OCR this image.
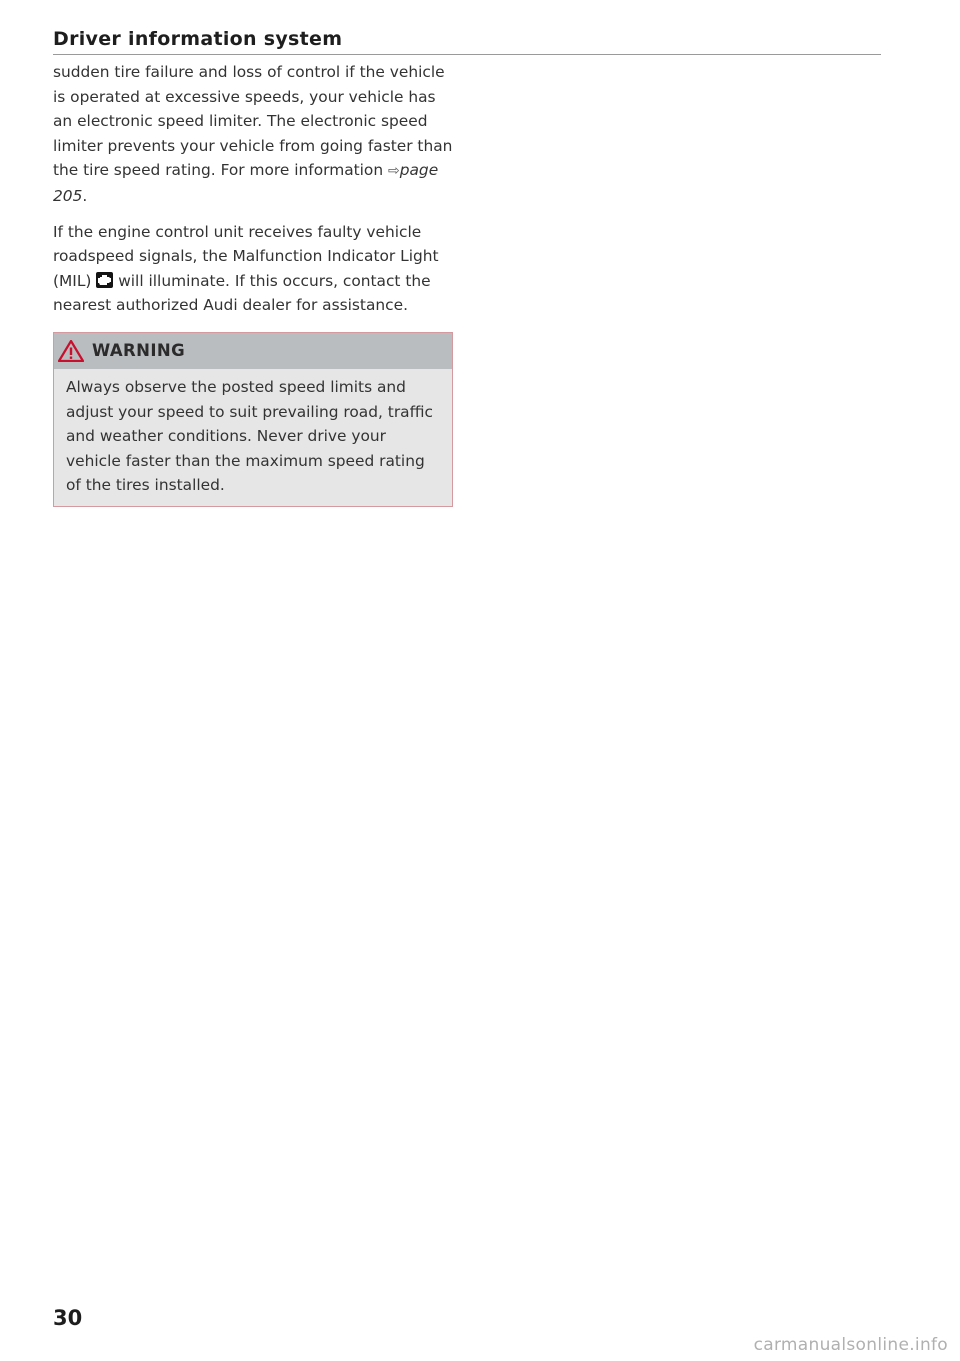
Driver information system

sudden tire failure and loss of control if the vehicle is operated at excessive speeds, your vehicle has an electronic speed limiter. The electronic speed limiter prevents your vehicle from going faster than the tire speed rating. For more information ⇨page 205.

If the engine control unit receives faulty vehicle roadspeed signals, the Malfunction Indicator Light (MIL)
will illuminate. If this occurs, contact the nearest authorized Audi dealer for assistance.

WARNING
Always observe the posted speed limits and adjust your speed to suit prevailing road, traffic and weather conditions. Never drive your vehicle faster than the maximum speed rating of the tires installed.
30
carmanualsonline.info
